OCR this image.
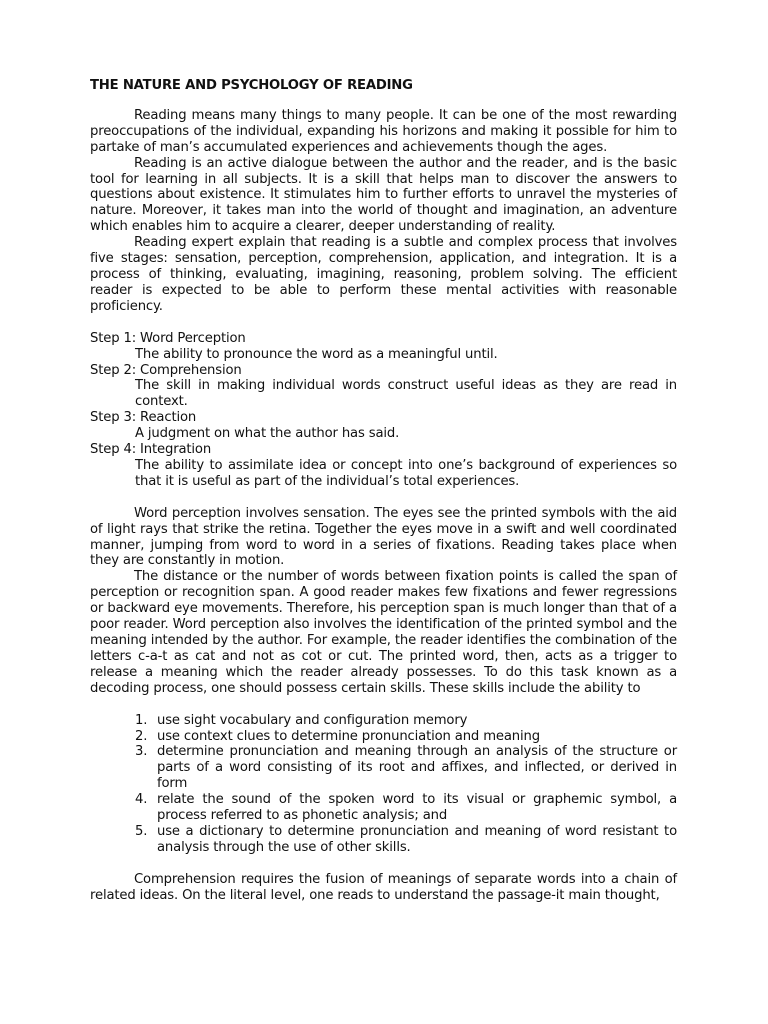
THE NATURE AND PSYCHOLOGY OF READING

Reading means many things to many people. It can be one of the most rewarding preoccupations of the individual, expanding his horizons and making it possible for him to partake of man’s accumulated experiences and achievements though the ages.

Reading is an active dialogue between the author and the reader, and is the basic tool for learning in all subjects. It is a skill that helps man to discover the answers to questions about existence. It stimulates him to further efforts to unravel the mysteries of nature. Moreover, it takes man into the world of thought and imagination, an adventure which enables him to acquire a clearer, deeper understanding of reality.

Reading expert explain that reading is a subtle and complex process that involves five stages: sensation, perception, comprehension, application, and integration. It is a process of thinking, evaluating, imagining, reasoning, problem solving. The efficient reader is expected to be able to perform these mental activities with reasonable proficiency.

Step 1: Word Perception

The ability to pronounce the word as a meaningful until.

Step 2: Comprehension

The skill in making individual words construct useful ideas as they are read in context.

Step 3: Reaction

A judgment on what the author has said.

Step 4: Integration

The ability to assimilate idea or concept into one’s background of experiences so that it is useful as part of the individual’s total experiences.

Word perception involves sensation. The eyes see the printed symbols with the aid of light rays that strike the retina. Together the eyes move in a swift and well coordinated manner, jumping from word to word in a series of fixations. Reading takes place when they are constantly in motion.

The distance or the number of words between fixation points is called the span of perception or recognition span. A good reader makes few fixations and fewer regressions or backward eye movements. Therefore, his perception span is much longer than that of a poor reader. Word perception also involves the identification of the printed symbol and the meaning intended by the author. For example, the reader identifies the combination of the letters c-a-t as cat and not as cot or cut. The printed word, then, acts as a trigger to release a meaning which the reader already possesses. To do this task known as a decoding process, one should possess certain skills. These skills include the ability to

1. use sight vocabulary and configuration memory
2. use context clues to determine pronunciation and meaning
3. determine pronunciation and meaning through an analysis of the structure or parts of a word consisting of its root and affixes, and inflected, or derived in form
4. relate the sound of the spoken word to its visual or graphemic symbol, a process referred to as phonetic analysis; and
5. use a dictionary to determine pronunciation and meaning of word resistant to analysis through the use of other skills.

Comprehension requires the fusion of meanings of separate words into a chain of related ideas. On the literal level, one reads to understand the passage-it main thought,
